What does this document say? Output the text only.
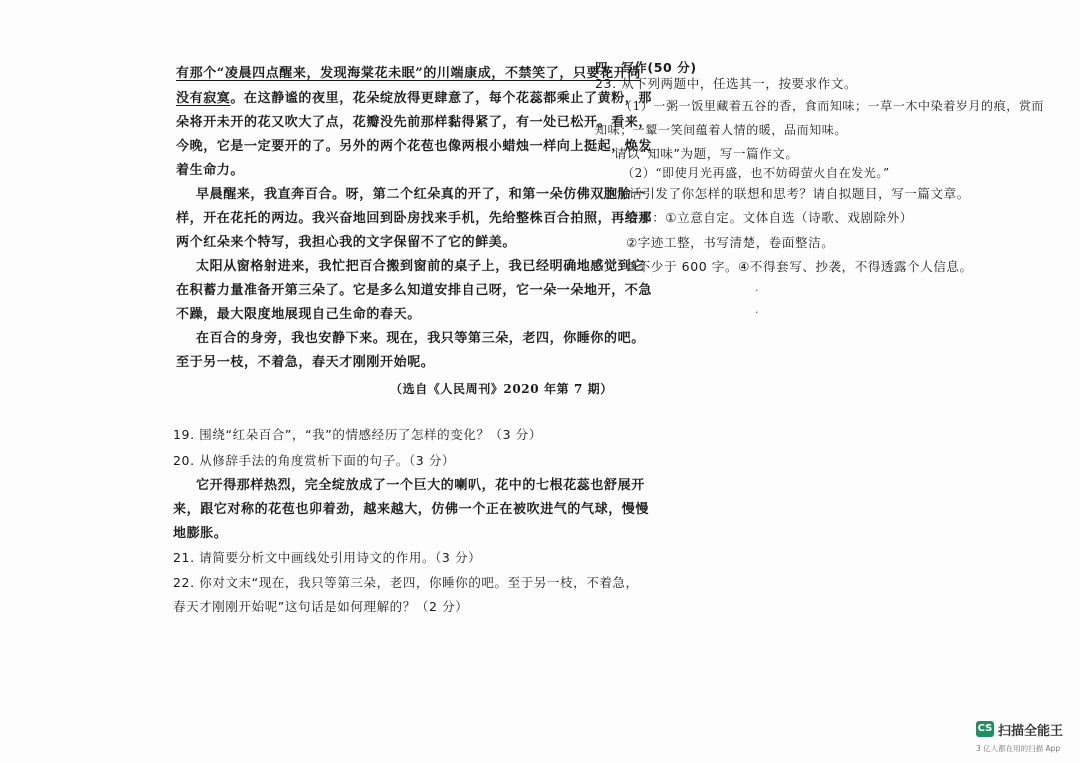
有那个“凌晨四点醒来，发现海棠花未眠”的川端康成，不禁笑了，只要花开尚
没有寂寞。在这静谧的夜里，花朵绽放得更肆意了，每个花蕊都乘止了黄粉，那
朵将开未开的花又吹大了点，花瓣没先前那样黏得紧了，有一处已松开。看来，
今晚，它是一定要开的了。另外的两个花苞也像两根小蜡烛一样向上挺起，焕发
着生命力。
早晨醒来，我直奔百合。呀，第二个红朵真的开了，和第一朵仿佛双胞胎一
样，开在花托的两边。我兴奋地回到卧房找来手机，先给整株百合拍照，再给那
两个红朵来个特写，我担心我的文字保留不了它的鲜美。
太阳从窗格射进来，我忙把百合搬到窗前的桌子上，我已经明确地感觉到它
在积蓄力量准备开第三朵了。它是多么知道安排自己呀，它一朵一朵地开，不急
不躁，最大限度地展现自己生命的春天。
在百合的身旁，我也安静下来。现在，我只等第三朵，老四，你睡你的吧。
至于另一枝，不着急，春天才刚刚开始呢。
（选自《人民周刊》2020 年第 7 期）
19. 围绕“红朵百合”，“我”的情感经历了怎样的变化？（3 分）
20. 从修辞手法的角度赏析下面的句子。（3 分）
它开得那样热烈，完全绽放成了一个巨大的喇叭，花中的七根花蕊也舒展开
来，跟它对称的花苞也卯着劲，越来越大，仿佛一个正在被吹进气的气球，慢慢
地膨胀。
21. 请简要分析文中画线处引用诗文的作用。（3 分）
22. 你对文末“现在，我只等第三朵，老四，你睡你的吧。至于另一枝，不着急，
春天才刚刚开始呢”这句话是如何理解的？（2 分）
四、写作(50 分)
23. 从下列两题中，任选其一，按要求作文。
（1）一粥一饭里藏着五谷的香，食而知味；一草一木中染着岁月的痕，赏而
知味；一颦一笑间蕴着人情的暖，品而知味。
请以“知味”为题，写一篇作文。
（2）“即使月光再盛，也不妨碍萤火自在发光。”
这句话引发了你怎样的联想和思考？请自拟题目，写一篇文章。
要求：①立意自定。文体自选（诗歌、戏剧除外）
②字迹工整，书写清楚，卷面整洁。
③不少于 600 字。④不得套写、抄袭，不得透露个人信息。
·
·
CS 扫描全能王
3 亿人都在用的扫描 App
